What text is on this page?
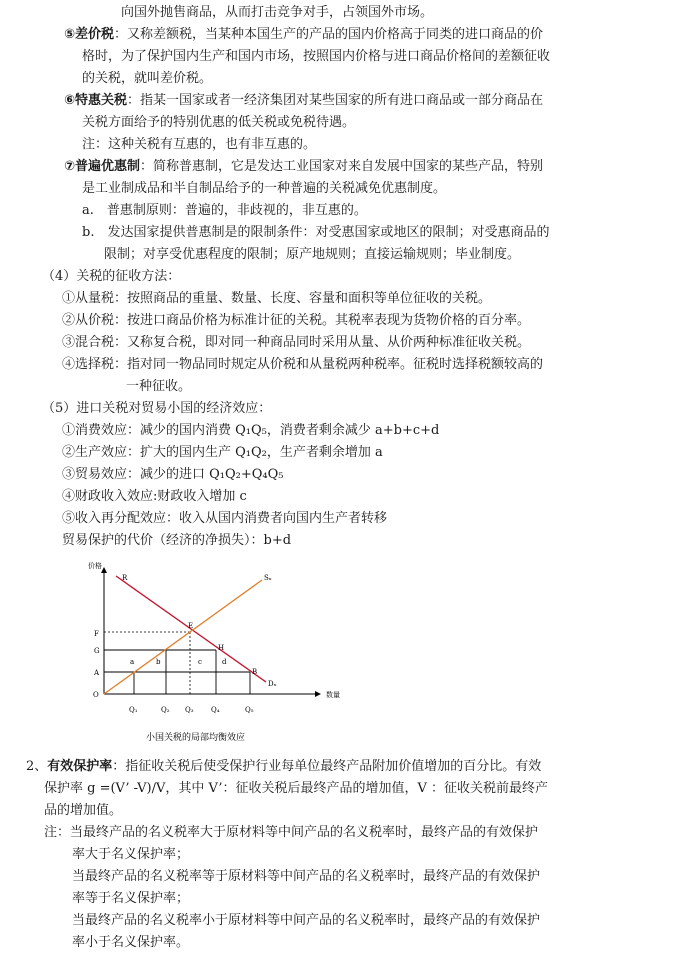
向国外抛售商品，从而打击竞争对手，占领国外市场。
⑤差价税：又称差额税，当某种本国生产的产品的国内价格高于同类的进口商品的价
格时，为了保护国内生产和国内市场，按照国内价格与进口商品价格间的差额征收
的关税，就叫差价税。
⑥特惠关税：指某一国家或者一经济集团对某些国家的所有进口商品或一部分商品在
关税方面给予的特别优惠的低关税或免税待遇。
注：这种关税有互惠的，也有非互惠的。
⑦普遍优惠制：简称普惠制，它是发达工业国家对来自发展中国家的某些产品，特别
是工业制成品和半自制品给予的一种普遍的关税减免优惠制度。
a.　普惠制原则：普遍的，非歧视的，非互惠的。
b.　发达国家提供普惠制是的限制条件：对受惠国家或地区的限制；对受惠商品的
限制；对享受优惠程度的限制；原产地规则；直接运输规则；毕业制度。
（4）关税的征收方法：
①从量税：按照商品的重量、数量、长度、容量和面积等单位征收的关税。
②从价税：按进口商品价格为标准计征的关税。其税率表现为货物价格的百分率。
③混合税：又称复合税，即对同一种商品同时采用从量、从价两种标准征收关税。
④选择税：指对同一物品同时规定从价税和从量税两种税率。征税时选择税额较高的
一种征收。
（5）进口关税对贸易小国的经济效应：
①消费效应：减少的国内消费 Q₁Q₅，消费者剩余减少 a+b+c+d
②生产效应：扩大的国内生产 Q₁Q₂，生产者剩余增加 a
③贸易效应：减少的进口 Q₁Q₂+Q₄Q₅
④财政收入效应:财政收入增加 c
⑤收入再分配效应：收入从国内消费者向国内生产者转移
贸易保护的代价（经济的净损失）：b+d
价格
数量
O
F
G
A
R	Sₓ
E
H
B
Dₓ
a	b	c	d
Q₁	Q₂ Q₃ Q₄	Q₅
小国关税的局部均衡效应
2、有效保护率：指征收关税后使受保护行业每单位最终产品附加价值增加的百分比。有效
保护率 g =(V’ -V)/V，其中 V’：征收关税后最终产品的增加值，V ：征收关税前最终产
品的增加值。
注：当最终产品的名义税率大于原材料等中间产品的名义税率时，最终产品的有效保护
率大于名义保护率；
当最终产品的名义税率等于原材料等中间产品的名义税率时，最终产品的有效保护
率等于名义保护率；
当最终产品的名义税率小于原材料等中间产品的名义税率时，最终产品的有效保护
率小于名义保护率。
